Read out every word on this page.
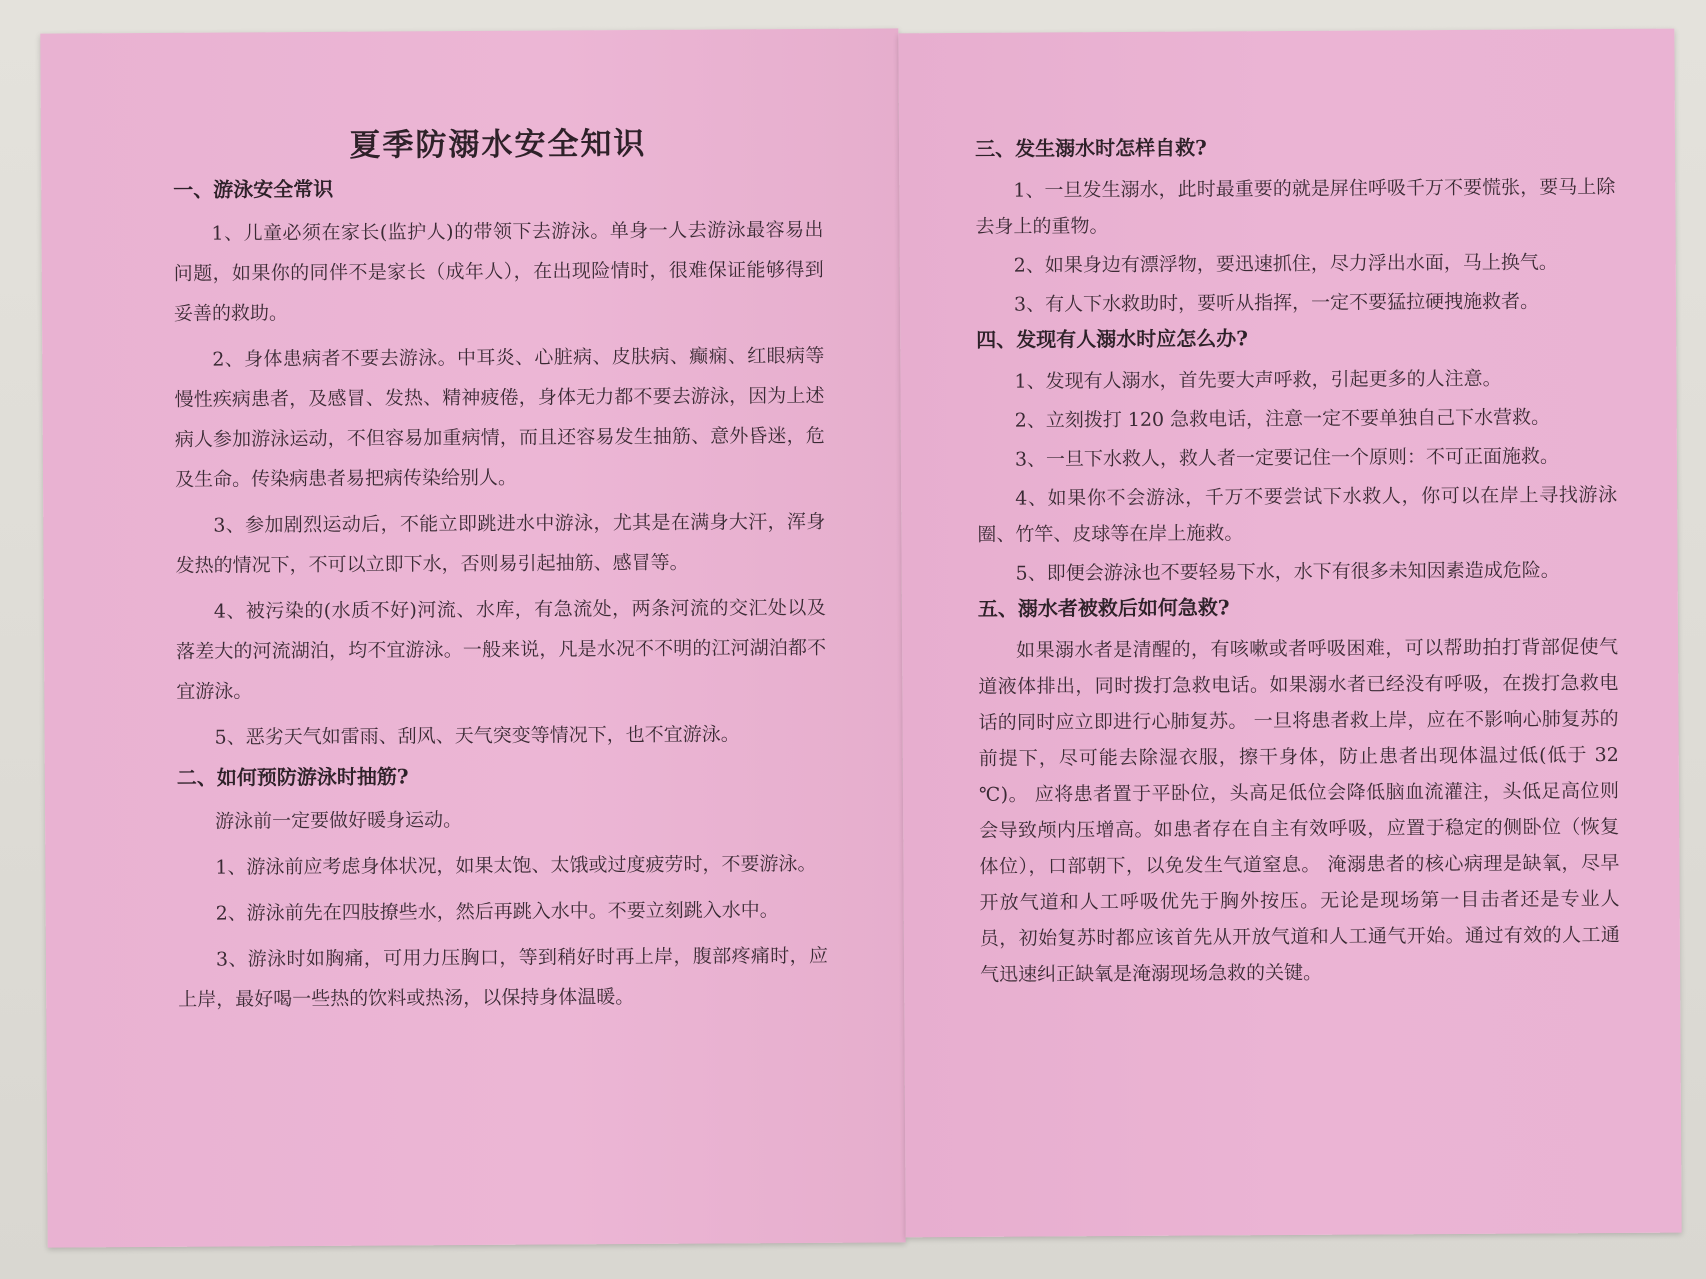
夏季防溺水安全知识
一、游泳安全常识

1、儿童必须在家长(监护人)的带领下去游泳。单身一人去游泳最容易出问题，如果你的同伴不是家长（成年人），在出现险情时，很难保证能够得到妥善的救助。

2、身体患病者不要去游泳。中耳炎、心脏病、皮肤病、癫痫、红眼病等慢性疾病患者，及感冒、发热、精神疲倦，身体无力都不要去游泳，因为上述病人参加游泳运动，不但容易加重病情，而且还容易发生抽筋、意外昏迷，危及生命。传染病患者易把病传染给别人。

3、参加剧烈运动后，不能立即跳进水中游泳，尤其是在满身大汗，浑身发热的情况下，不可以立即下水，否则易引起抽筋、感冒等。

4、被污染的(水质不好)河流、水库，有急流处，两条河流的交汇处以及落差大的河流湖泊，均不宜游泳。一般来说，凡是水况不不明的江河湖泊都不宜游泳。

5、恶劣天气如雷雨、刮风、天气突变等情况下，也不宜游泳。

二、如何预防游泳时抽筋?

游泳前一定要做好暖身运动。

1、游泳前应考虑身体状况，如果太饱、太饿或过度疲劳时，不要游泳。

2、游泳前先在四肢撩些水，然后再跳入水中。不要立刻跳入水中。

3、游泳时如胸痛，可用力压胸口，等到稍好时再上岸，腹部疼痛时，应上岸，最好喝一些热的饮料或热汤，以保持身体温暖。

三、发生溺水时怎样自救?

1、一旦发生溺水，此时最重要的就是屏住呼吸千万不要慌张，要马上除去身上的重物。

2、如果身边有漂浮物，要迅速抓住，尽力浮出水面，马上换气。

3、有人下水救助时，要听从指挥，一定不要猛拉硬拽施救者。

四、发现有人溺水时应怎么办?

1、发现有人溺水，首先要大声呼救，引起更多的人注意。

2、立刻拨打 120 急救电话，注意一定不要单独自己下水营救。

3、一旦下水救人，救人者一定要记住一个原则：不可正面施救。

4、如果你不会游泳，千万不要尝试下水救人，你可以在岸上寻找游泳圈、竹竿、皮球等在岸上施救。

5、即便会游泳也不要轻易下水，水下有很多未知因素造成危险。

五、溺水者被救后如何急救?

如果溺水者是清醒的，有咳嗽或者呼吸困难，可以帮助拍打背部促使气道液体排出，同时拨打急救电话。如果溺水者已经没有呼吸，在拨打急救电话的同时应立即进行心肺复苏。 一旦将患者救上岸，应在不影响心肺复苏的前提下，尽可能去除湿衣服，擦干身体，防止患者出现体温过低(低于 32 ℃)。 应将患者置于平卧位，头高足低位会降低脑血流灌注，头低足高位则会导致颅内压增高。如患者存在自主有效呼吸，应置于稳定的侧卧位（恢复体位），口部朝下，以免发生气道窒息。 淹溺患者的核心病理是缺氧，尽早开放气道和人工呼吸优先于胸外按压。无论是现场第一目击者还是专业人员，初始复苏时都应该首先从开放气道和人工通气开始。通过有效的人工通气迅速纠正缺氧是淹溺现场急救的关键。
